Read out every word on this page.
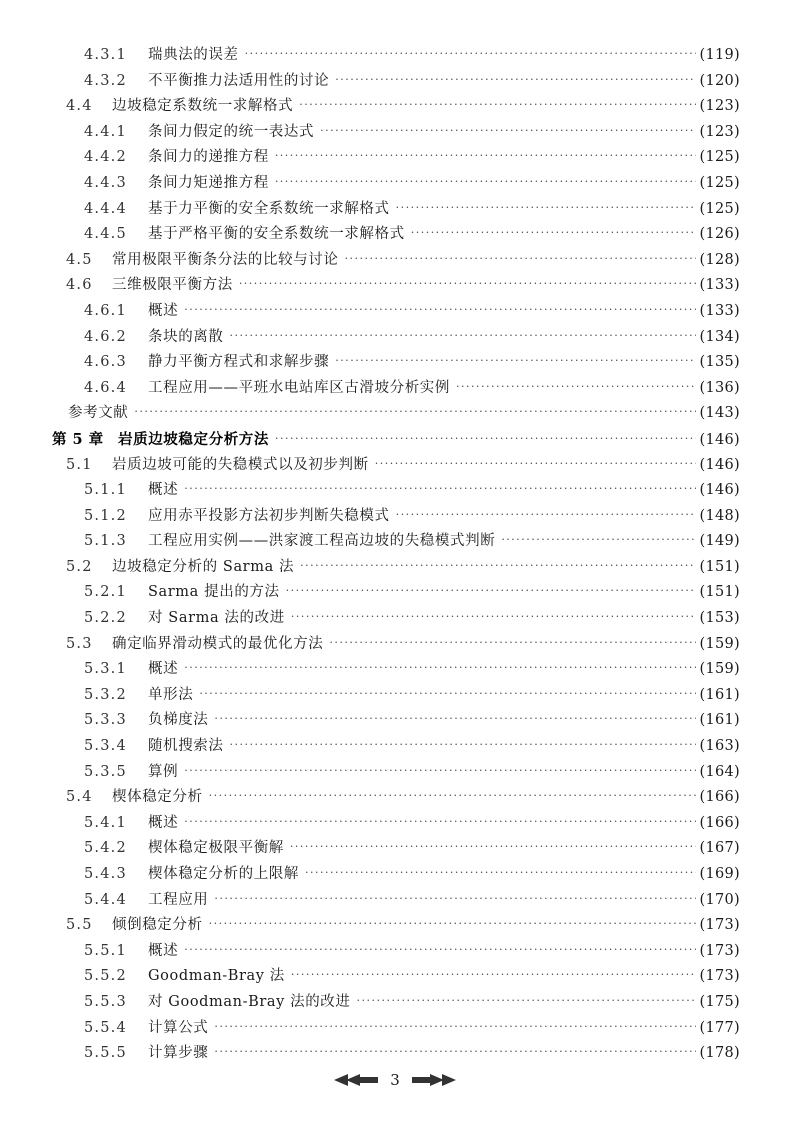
4.3.1	瑞典法的误差 ·····	(119)
4.3.2	不平衡推力法适用性的讨论 ·····	(120)
4.4	边坡稳定系数统一求解格式 ·····	(123)
4.4.1	条间力假定的统一表达式 ·····	(123)
4.4.2	条间力的递推方程 ·····	(125)
4.4.3	条间力矩递推方程 ·····	(125)
4.4.4	基于力平衡的安全系数统一求解格式 ·····	(125)
4.4.5	基于严格平衡的安全系数统一求解格式 ·····	(126)
4.5	常用极限平衡条分法的比较与讨论 ·····	(128)
4.6	三维极限平衡方法 ·····	(133)
4.6.1	概述 ·····	(133)
4.6.2	条块的离散 ·····	(134)
4.6.3	静力平衡方程式和求解步骤 ·····	(135)
4.6.4	工程应用——平班水电站库区古滑坡分析实例 ·····	(136)
参考文献 ·····	(143)
第 5 章 岩质边坡稳定分析方法 ·····	(146)
5.1	岩质边坡可能的失稳模式以及初步判断 ·····	(146)
5.1.1	概述 ·····	(146)
5.1.2	应用赤平投影方法初步判断失稳模式 ·····	(148)
5.1.3	工程应用实例——洪家渡工程高边坡的失稳模式判断 ·····	(149)
5.2	边坡稳定分析的 Sarma 法 ·····	(151)
5.2.1	Sarma 提出的方法 ·····	(151)
5.2.2	对 Sarma 法的改进 ·····	(153)
5.3	确定临界滑动模式的最优化方法 ·····	(159)
5.3.1	概述 ·····	(159)
5.3.2	单形法 ·····	(161)
5.3.3	负梯度法 ·····	(161)
5.3.4	随机搜索法 ·····	(163)
5.3.5	算例 ·····	(164)
5.4	楔体稳定分析 ·····	(166)
5.4.1	概述 ·····	(166)
5.4.2	楔体稳定极限平衡解 ·····	(167)
5.4.3	楔体稳定分析的上限解 ·····	(169)
5.4.4	工程应用 ·····	(170)
5.5	倾倒稳定分析 ·····	(173)
5.5.1	概述 ·····	(173)
5.5.2	Goodman-Bray 法 ·····	(173)
5.5.3	对 Goodman-Bray 法的改进 ·····	(175)
5.5.4	计算公式 ·····	(177)
5.5.5	计算步骤 ·····	(178)
3
